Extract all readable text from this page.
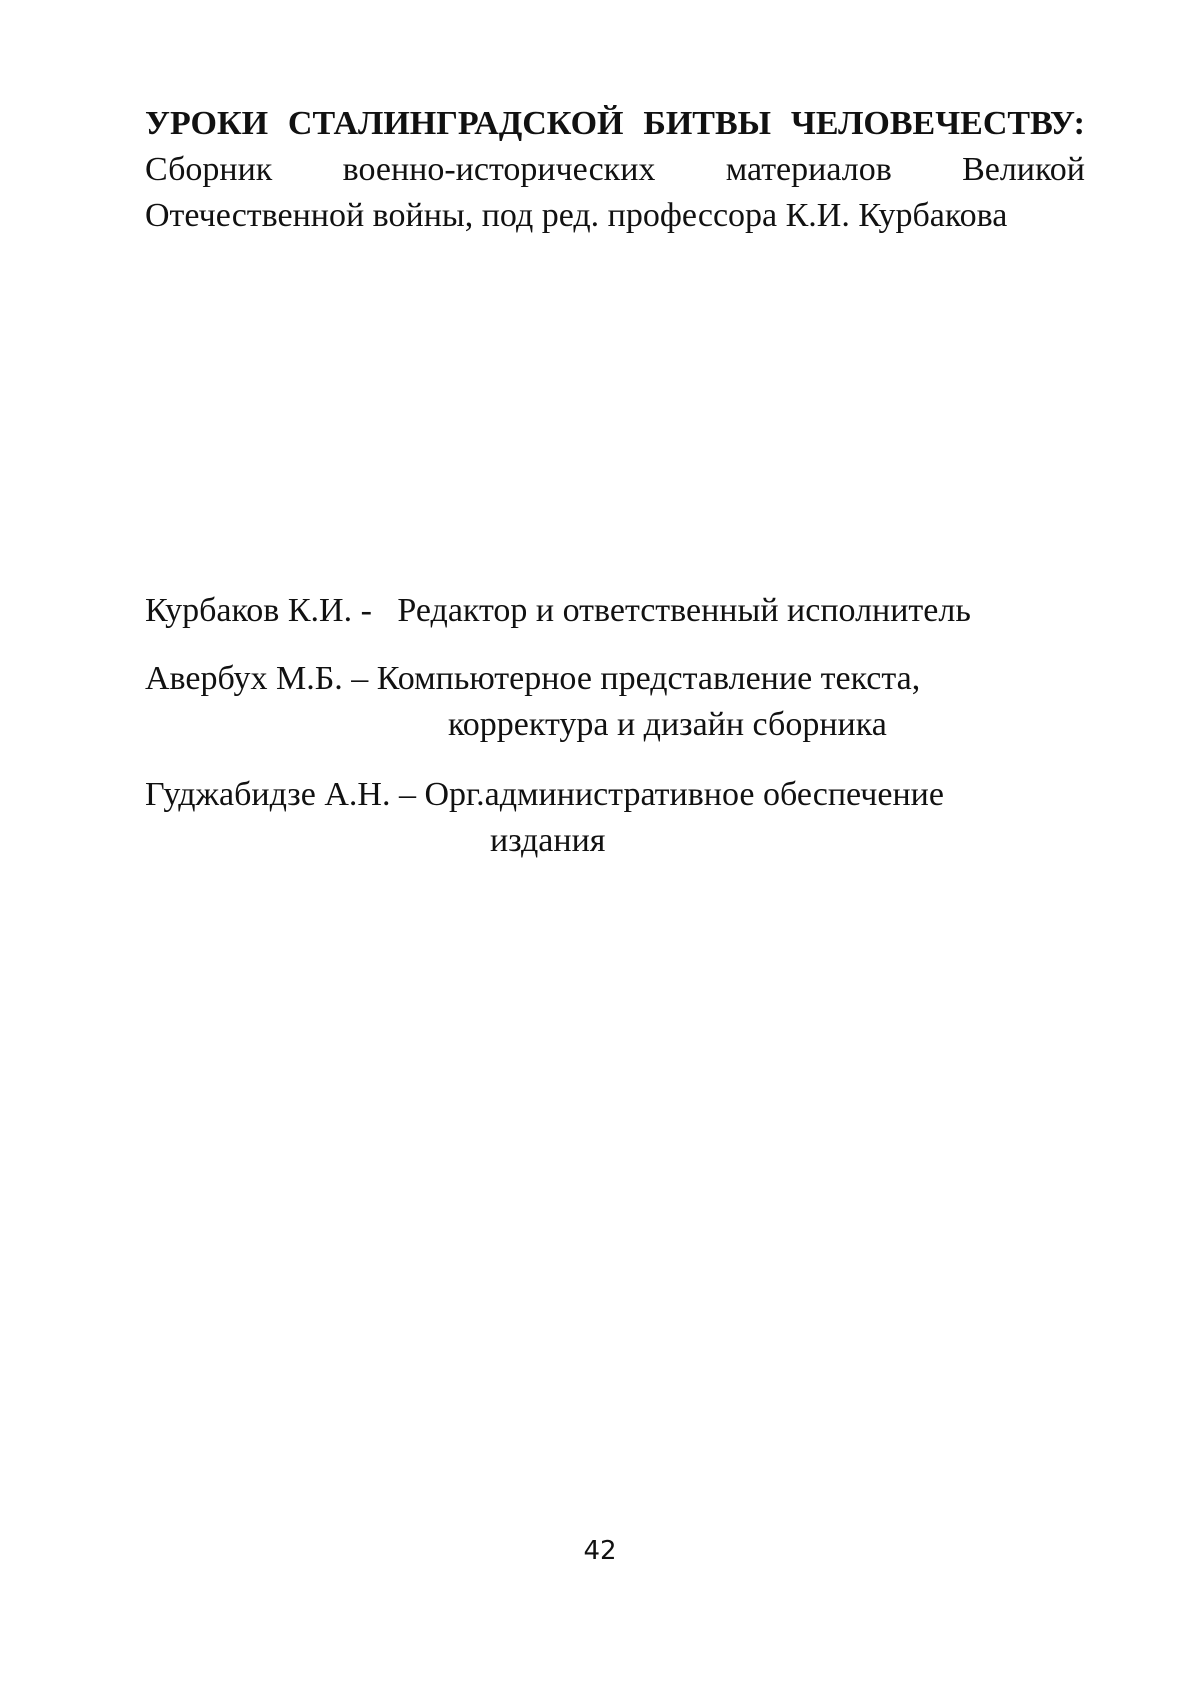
УРОКИ СТАЛИНГРАДСКОЙ БИТВЫ ЧЕЛОВЕЧЕСТВУ: Сборник военно-исторических материалов Великой Отечественной войны, под ред. профессора К.И. Курбакова
Курбаков К.И. - Редактор и ответственный исполнитель
Авербух М.Б. – Компьютерное представление текста,
корректура и дизайн сборника
Гуджабидзе А.Н. – Орг.административное обеспечение
издания
42
